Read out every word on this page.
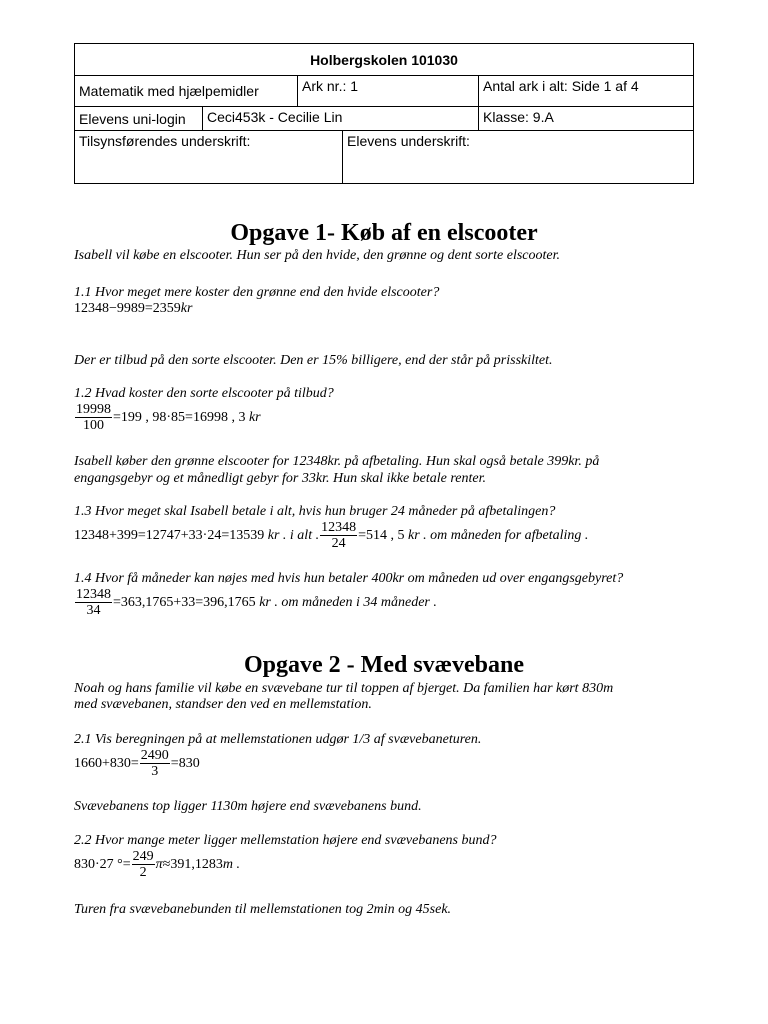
Holbergskolen 101030
Matematik med hjælpemidler	Ark nr.: 1	Antal ark i alt: Side 1 af 4
Elevens uni-login	Ceci453k - Cecilie Lin	Klasse: 9.A
Tilsynsførendes underskrift:	Elevens underskrift:
Opgave 1- Køb af en elscooter
Isabell vil købe en elscooter. Hun ser på den hvide, den grønne og dent sorte elscooter.
1.1 Hvor meget mere koster den grønne end den hvide elscooter?
12348−9989=2359kr
Der er tilbud på den sorte elscooter. Den er 15% billigere, end der står på prisskiltet.
1.2 Hvad koster den sorte elscooter på tilbud?
$\frac{19998}{100} =199$ , 98·85=16998 , 3 kr
Isabell køber den grønne elscooter for 12348kr. på afbetaling. Hun skal også betale 399kr. på
engangsgebyr og et månedligt gebyr for 33kr. Hun skal ikke betale renter.
1.3 Hvor meget skal Isabell betale i alt, hvis hun bruger 24 måneder på afbetalingen?
12348+399=12747+33·24=13539 kr . i alt . $\frac{12348}{24} =514$ , 5 kr . om måneden for afbetaling .
1.4 Hvor få måneder kan nøjes med hvis hun betaler 400kr om måneden ud over engangsgebyret?
$\frac{12348}{34} =363,1765+33=396,1765$ kr . om måneden i 34 måneder .
Opgave 2 - Med svævebane
Noah og hans familie vil købe en svævebane tur til toppen af bjerget. Da familien har kørt 830m
med svævebanen, standser den ved en mellemstation.
2.1 Vis beregningen på at mellemstationen udgør 1/3 af svævebaneturen.
$1660+830= \frac{2490}{3} =830$
Svævebanens top ligger 1130m højere end svævebanens bund.
2.2 Hvor mange meter ligger mellemstation højere end svævebanens bund?
830·27 °= $\frac{249}{2} \pi\approx 391,1283m$ .
Turen fra svævebanebunden til mellemstationen tog 2min og 45sek.
